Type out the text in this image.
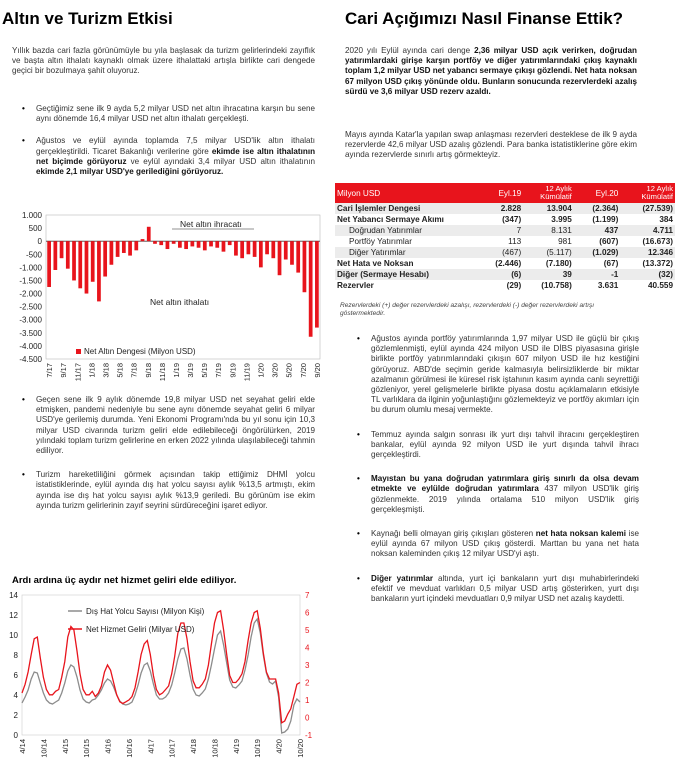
Altın ve Turizm Etkisi

Yıllık bazda cari fazla görünümüyle bu yıla başlasak da turizm gelirlerindeki zayıflık ve başta altın ithalatı kaynaklı olmak üzere ithalattaki artışla birlikte cari dengede geçici bir bozulmaya şahit oluyoruz.

• Geçtiğimiz sene ilk 9 ayda 5,2 milyar USD net altın ihracatına karşın bu sene aynı dönemde 16,4 milyar USD net altın ithalatı gerçekleşti.
• Ağustos ve eylül ayında toplamda 7,5 milyar USD'lik altın ithalatı gerçekleştirildi. Ticaret Bakanlığı verilerine göre ekimde ise altın ithalatının net biçimde görüyoruz ve eylül ayındaki 3,4 milyar USD altın ithalatının ekimde 2,1 milyar USD'ye gerilediğini görüyoruz.
1.000
500
0
-500
-1.000
-1.500
-2.000
-2.500
-3.000
-3.500
-4.000
-4.500
7/17 9/17 11/17 1/18 3/18 5/18 7/18 9/18 11/18 1/19 3/19 5/19 7/19 9/19 11/19 1/20 3/20 5/20 7/20 9/20
Net altın ihracatı
Net altın ithalatı
Net Altın Dengesi (Milyon USD)
• Geçen sene ilk 9 aylık dönemde 19,8 milyar USD net seyahat geliri elde etmişken, pandemi nedeniyle bu sene aynı dönemde seyahat geliri 6 milyar USD'ye gerilemiş durumda. Yeni Ekonomi Programı'nda bu yıl sonu için 10,3 milyar USD civarında turizm geliri elde edilebileceği öngörülürken, 2019 yılındaki toplam turizm gelirlerine en erken 2022 yılında ulaşılabileceği tahmin ediliyor.
• Turizm hareketliliğini görmek açısından takip ettiğimiz DHMİ yolcu istatistiklerinde, eylül ayında dış hat yolcu sayısı aylık %13,5 artmıştı, ekim ayında ise dış hat yolcu sayısı aylık %13,9 geriledi. Bu görünüm ise ekim ayında turizm gelirlerinin zayıf seyrini sürdüreceğini işaret ediyor.
Ardı ardına üç aydır net hizmet geliri elde ediliyor.
14
12
10
8
6
4
2
0
7
6
5
4
3
2
1
0
-1
4/14 10/14 4/15 10/15 4/16 10/16 4/17 10/17 4/18 10/18 4/19 10/19 4/20 10/20
Dış Hat Yolcu Sayısı (Milyon Kişi)
Net Hizmet Geliri (Milyar USD)
Cari Açığımızı Nasıl Finanse Ettik?

2020 yılı Eylül ayında cari denge 2,36 milyar USD açık verirken, doğrudan yatırımlardaki girişe karşın portföy ve diğer yatırımlarındaki çıkış kaynaklı toplam 1,2 milyar USD net yabancı sermaye çıkışı gözlendi. Net hata noksan 67 milyon USD çıkış yönünde oldu. Bunların sonucunda rezervlerdeki azalış sürdü ve 3,6 milyar USD rezerv azaldı.

Mayıs ayında Katar'la yapılan swap anlaşması rezervleri desteklese de ilk 9 ayda rezervlerde 42,6 milyar USD azalış gözlendi. Para banka istatistiklerine göre ekim ayında rezervlerde sınırlı artış görmekteyiz.

Milyon USD	Eyl.19	12 Aylık Kümülatif	Eyl.20	12 Aylık Kümülatif
Cari İşlemler Dengesi	2.828	13.904	(2.364)	(27.539)
Net Yabancı Sermaye Akımı	(347)	3.995	(1.199)	384
Doğrudan Yatırımlar	7	8.131	437	4.711
Portföy Yatırımlar	113	981	(607)	(16.673)
Diğer Yatırımlar	(467)	(5.117)	(1.029)	12.346
Net Hata ve Noksan	(2.446)	(7.180)	(67)	(13.372)
Diğer (Sermaye Hesabı)	(6)	39	-1	(32)
Rezervler	(29)	(10.758)	3.631	40.559
Rezervlerdeki (+) değer rezervlerdeki azalışı, rezervlerdeki (-) değer rezervlerdeki artışı göstermektedir.
• Ağustos ayında portföy yatırımlarında 1,97 milyar USD ile güçlü bir çıkış gözlemlenmişti, eylül ayında 424 milyon USD ile DİBS piyasasına girişle birlikte portföy yatırımlarındaki çıkışın 607 milyon USD ile hız kestiğini görüyoruz. ABD'de seçimin geride kalmasıyla belirsizliklerde bir miktar azalmanın görülmesi ile küresel risk iştahının kasım ayında canlı seyrettiği gözleniyor, yerel gelişmelerle birlikte piyasa dostu açıklamaların etkisiyle TL varlıklara da ilginin yoğunlaştığını gözlemekteyiz ve portföy akımları için bu durum olumlu mesaj vermekte.
• Temmuz ayında salgın sonrası ilk yurt dışı tahvil ihracını gerçekleştiren bankalar, eylül ayında 92 milyon USD ile yurt dışında tahvil ihracı gerçekleştirdi.
• Mayıstan bu yana doğrudan yatırımlara giriş sınırlı da olsa devam etmekte ve eylülde doğrudan yatırımlara 437 milyon USD'lik giriş gözlenmekte. 2019 yılında ortalama 510 milyon USD'lik giriş gerçekleşmişti.
• Kaynağı belli olmayan giriş çıkışları gösteren net hata noksan kalemi ise eylül ayında 67 milyon USD çıkış gösterdi. Marttan bu yana net hata noksan kaleminden çıkış 12 milyar USD'yi aştı.
• Diğer yatırımlar altında, yurt içi bankaların yurt dışı muhabirlerindeki efektif ve mevduat varlıkları 0,5 milyar USD artış gösterirken, yurt dışı bankaların yurt içindeki mevduatları 0,9 milyar USD net azalış kaydetti.
